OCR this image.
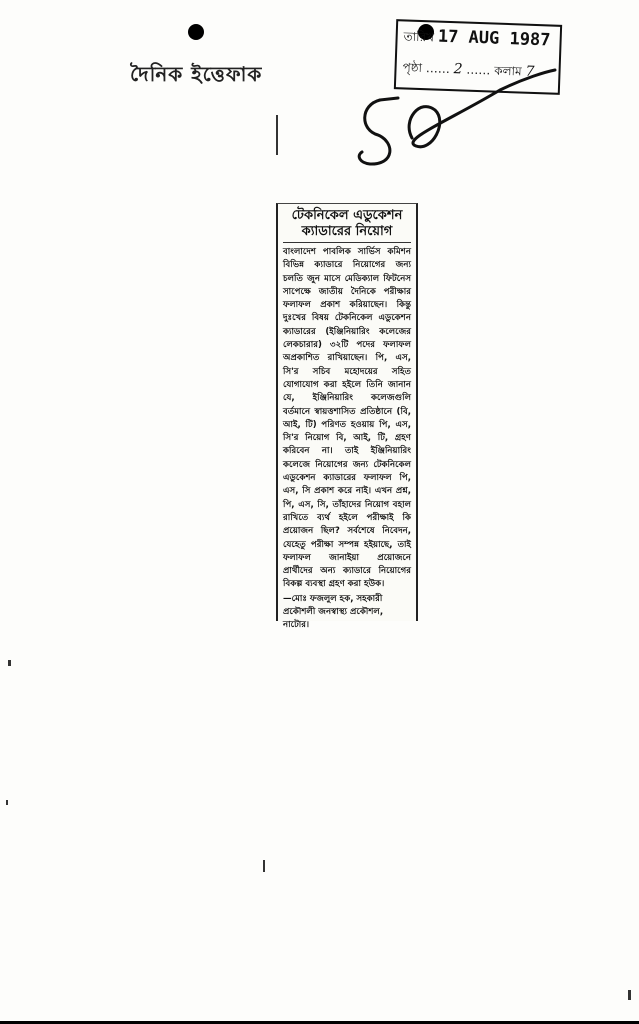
দৈনিক ইত্তেফাক
তারিখ 17 AUG 1987
পৃষ্ঠা …… 2 …… কলাম 7
টেকনিকেল এডুকেশন ক্যাডারের নিয়োগ

বাংলাদেশ পাবলিক সার্ভিস কমিশন বিভিন্ন ক্যাডারে নিয়োগের জন্য চলতি জুন মাসে মেডিক্যাল ফিটনেস সাপেক্ষে জাতীয় দৈনিকে পরীক্ষার ফলাফল প্রকাশ করিয়াছেন। কিন্তু দুঃখের বিষয় টেকনিকেল এডুকেশন ক্যাডারের (ইঞ্জিনিয়ারিং কলেজের লেকচারার) ৩২টি পদের ফলাফল অপ্রকাশিত রাখিয়াছেন। পি, এস, সি'র সচিব মহোদয়ের সহিত যোগাযোগ করা হইলে তিনি জানান যে, ইঞ্জিনিয়ারিং কলেজগুলি বর্তমানে স্বায়ত্তশাসিত প্রতিষ্ঠানে (বি, আই, টি) পরিণত হওয়ায় পি, এস, সি'র নিয়োগ বি, আই, টি, গ্রহণ করিবেন না। তাই ইঞ্জিনিয়ারিং কলেজে নিয়োগের জন্য টেকনিকেল এডুকেশন ক্যাডারের ফলাফল পি, এস, সি প্রকাশ করে নাই। এখন প্রশ্ন, পি, এস, সি, তাঁহাদের নিয়োগ বহাল রাখিতে ব্যর্থ হইলে পরীক্ষাই কি প্রয়োজন ছিল? সর্বশেষে নিবেদন, যেহেতু পরীক্ষা সম্পন্ন হইয়াছে, তাই ফলাফল জানাইয়া প্রয়োজনে প্রার্থীদের অন্য ক্যাডারে নিয়োগের বিকল্প ব্যবস্থা গ্রহণ করা হউক।

—মোঃ ফজলুল হক, সহকারী প্রকৌশলী জনস্বাস্থ্য প্রকৌশল, নাটোর।
